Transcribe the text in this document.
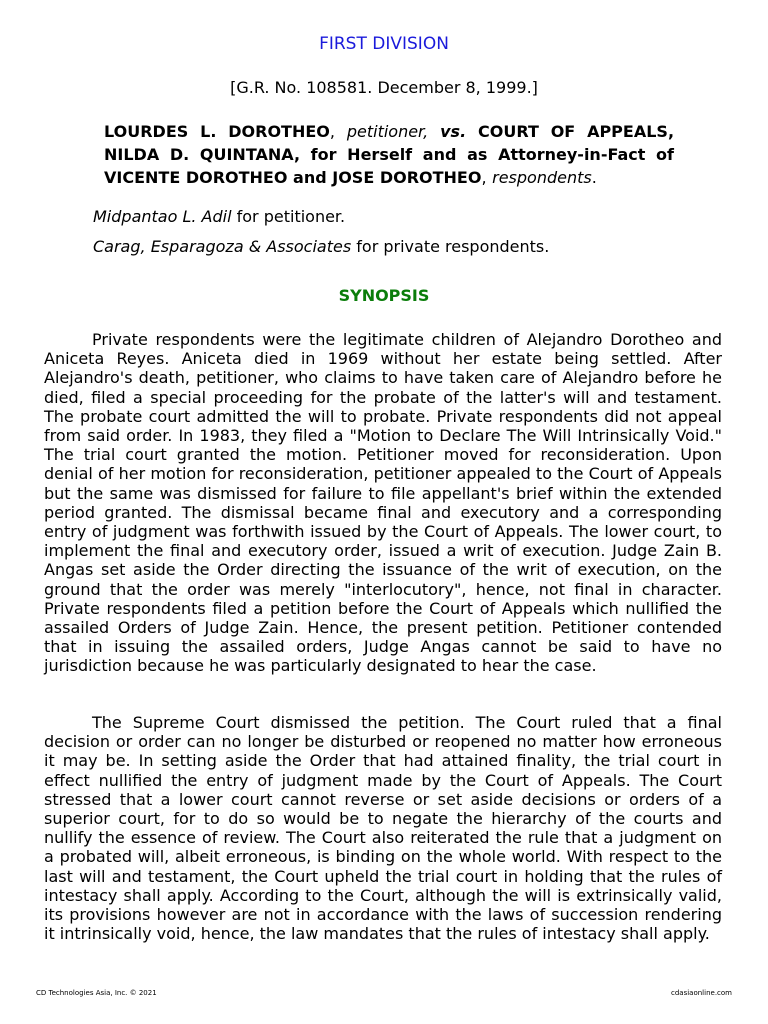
FIRST DIVISION
[G.R. No. 108581. December 8, 1999.]
LOURDES L. DOROTHEO, petitioner, vs. COURT OF APPEALS, NILDA D. QUINTANA, for Herself and as Attorney-in-Fact of VICENTE DOROTHEO and JOSE DOROTHEO, respondents.
Midpantao L. Adil for petitioner.
Carag, Esparagoza & Associates for private respondents.
SYNOPSIS

Private respondents were the legitimate children of Alejandro Dorotheo and Aniceta Reyes. Aniceta died in 1969 without her estate being settled. After Alejandro's death, petitioner, who claims to have taken care of Alejandro before he died, filed a special proceeding for the probate of the latter's will and testament. The probate court admitted the will to probate. Private respondents did not appeal from said order. In 1983, they filed a "Motion to Declare The Will Intrinsically Void." The trial court granted the motion. Petitioner moved for reconsideration. Upon denial of her motion for reconsideration, petitioner appealed to the Court of Appeals but the same was dismissed for failure to file appellant's brief within the extended period granted. The dismissal became final and executory and a corresponding entry of judgment was forthwith issued by the Court of Appeals. The lower court, to implement the final and executory order, issued a writ of execution. Judge Zain B. Angas set aside the Order directing the issuance of the writ of execution, on the ground that the order was merely "interlocutory", hence, not final in character. Private respondents filed a petition before the Court of Appeals which nullified the assailed Orders of Judge Zain. Hence, the present petition. Petitioner contended that in issuing the assailed orders, Judge Angas cannot be said to have no jurisdiction because he was particularly designated to hear the case.

The Supreme Court dismissed the petition. The Court ruled that a final decision or order can no longer be disturbed or reopened no matter how erroneous it may be. In setting aside the Order that had attained finality, the trial court in effect nullified the entry of judgment made by the Court of Appeals. The Court stressed that a lower court cannot reverse or set aside decisions or orders of a superior court, for to do so would be to negate the hierarchy of the courts and nullify the essence of review. The Court also reiterated the rule that a judgment on a probated will, albeit erroneous, is binding on the whole world. With respect to the last will and testament, the Court upheld the trial court in holding that the rules of intestacy shall apply. According to the Court, although the will is extrinsically valid, its provisions however are not in accordance with the laws of succession rendering it intrinsically void, hence, the law mandates that the rules of intestacy shall apply.

CD Technologies Asia, Inc. © 2021	cdasiaonline.com
